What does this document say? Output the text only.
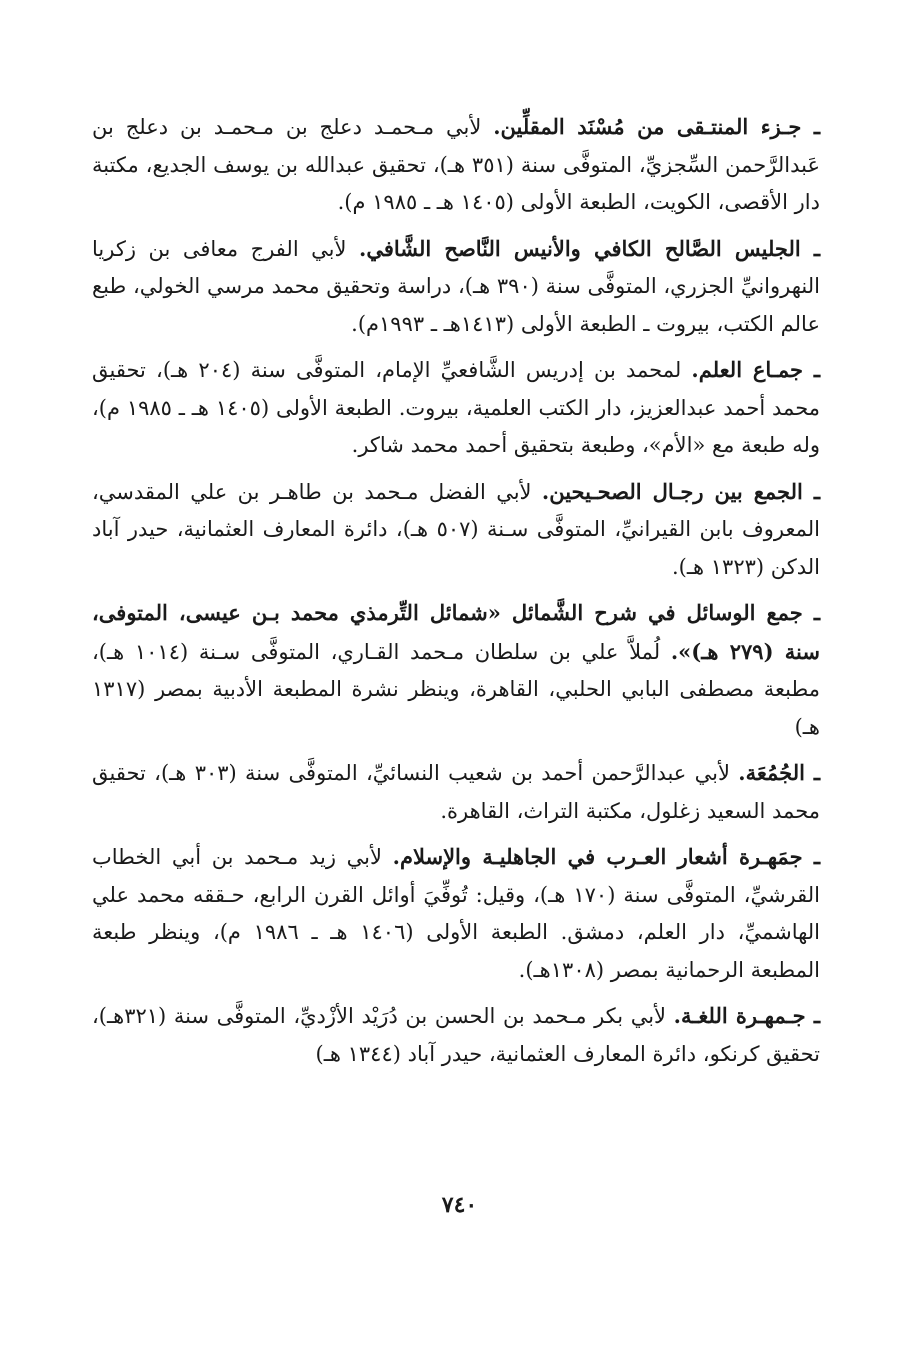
ـ جـزء المنتـقى من مُسْنَد المقلِّين. لأبي مـحمـد دعلج بن مـحمـد بن دعلج بن عَبدالرَّحمن السِّجزيِّ، المتوفَّى سنة (٣٥١ هـ)، تحقيق عبدالله بن يوسف الجديع، مكتبة دار الأقصى، الكويت، الطبعة الأولى (١٤٠٥ هـ ـ ١٩٨٥ م).

ـ الجليس الصَّالح الكافي والأنيس النَّاصح الشَّافي. لأبي الفرج معافى بن زكريا النهروانيِّ الجزري، المتوفَّى سنة (٣٩٠ هـ)، دراسة وتحقيق محمد مرسي الخولي، طبع عالم الكتب، بيروت ـ الطبعة الأولى (١٤١٣هـ ـ ١٩٩٣م).

ـ جمـاع العلم. لمحمد بن إدريس الشَّافعيِّ الإمام، المتوفَّى سنة (٢٠٤ هـ)، تحقيق محمد أحمد عبدالعزيز، دار الكتب العلمية، بيروت. الطبعة الأولى (١٤٠٥ هـ ـ ١٩٨٥ م)، وله طبعة مع «الأم»، وطبعة بتحقيق أحمد محمد شاكر.

ـ الجمع بين رجـال الصحـيحين. لأبي الفضل مـحمد بن طاهـر بن علي المقدسي، المعروف بابن القيرانيِّ، المتوفَّى سـنة (٥٠٧ هـ)، دائرة المعارف العثمانية، حيدر آباد الدكن (١٣٢٣ هـ).

ـ جمع الوسائل في شرح الشَّمائل «شمائل التِّرمذي محمد بـن عيسى، المتوفى، سنة (٢٧٩ هـ)». لُملاَّ علي بن سلطان مـحمد القـاري، المتوفَّى سـنة (١٠١٤ هـ)، مطبعة مصطفى البابي الحلبي، القاهرة، وينظر نشرة المطبعة الأدبية بمصر (١٣١٧ هـ)

ـ الجُمُعَة. لأبي عبدالرَّحمن أحمد بن شعيب النسائيِّ، المتوفَّى سنة (٣٠٣ هـ)، تحقيق محمد السعيد زغلول، مكتبة التراث، القاهرة.

ـ جمَهـرة أشعار العـرب في الجاهليـة والإسلام. لأبي زيد مـحمد بن أبي الخطاب القرشيِّ، المتوفَّى سنة (١٧٠ هـ)، وقيل: تُوفِّيَ أوائل القرن الرابع، حـققه محمد علي الهاشميِّ، دار العلم، دمشق. الطبعة الأولى (١٤٠٦ هـ ـ ١٩٨٦ م)، وينظر طبعة المطبعة الرحمانية بمصر (١٣٠٨هـ).

ـ جـمهـرة اللغـة. لأبي بكر مـحمد بن الحسن بن دُرَيْد الأزْديِّ، المتوفَّى سنة (٣٢١هـ)، تحقيق كرنكو، دائرة المعارف العثمانية، حيدر آباد (١٣٤٤ هـ)

٧٤٠
